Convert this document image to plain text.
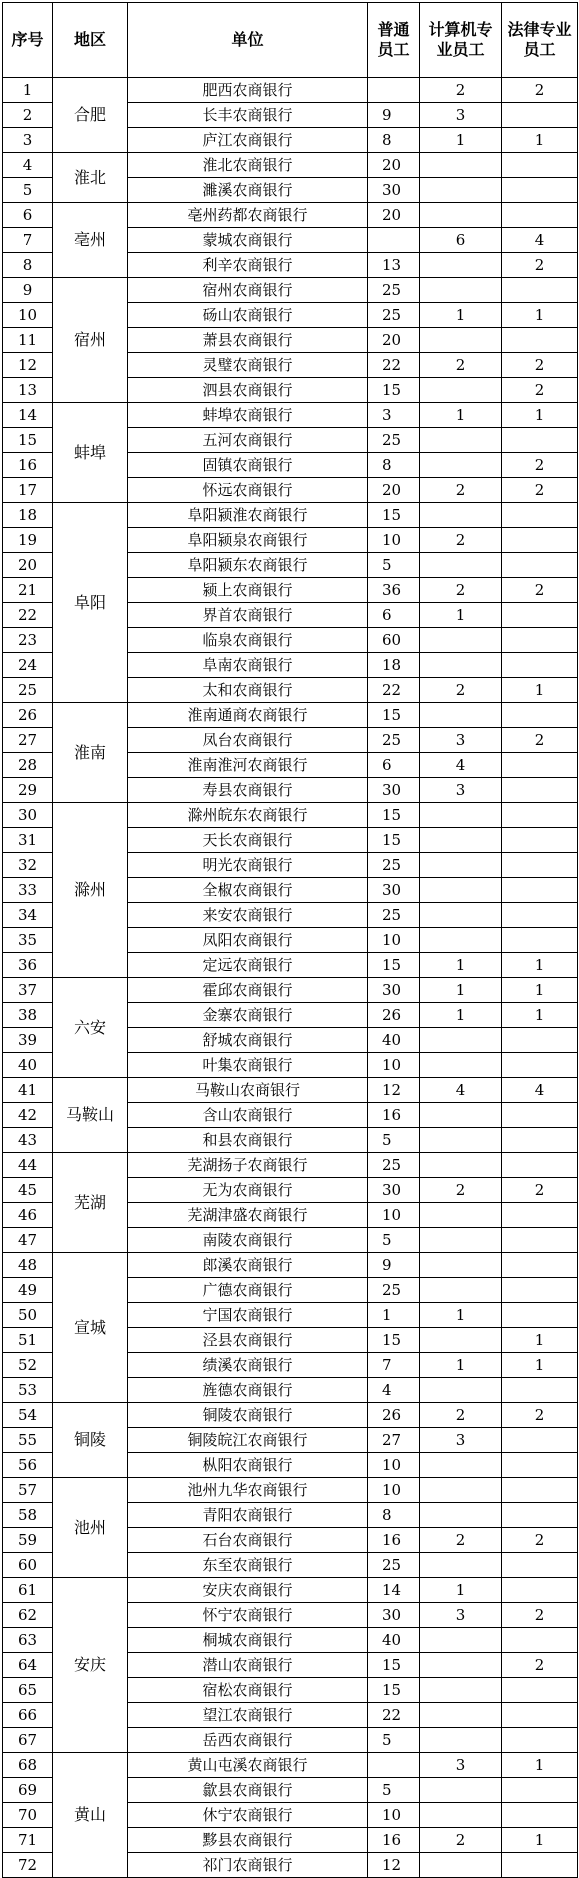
序号	地区	单位	普通员工	计算机专业员工	法律专业员工
1	合肥	肥西农商银行		2	2
2		长丰农商银行	9	3	
3		庐江农商银行	8	1	1
4	淮北	淮北农商银行	20		
5		濉溪农商银行	30		
6	亳州	亳州药都农商银行	20		
7		蒙城农商银行		6	4
8		利辛农商银行	13		2
9	宿州	宿州农商银行	25		
10		砀山农商银行	25	1	1
11		萧县农商银行	20		
12		灵璧农商银行	22	2	2
13		泗县农商银行	15		2
14	蚌埠	蚌埠农商银行	3	1	1
15		五河农商银行	25		
16		固镇农商银行	8		2
17		怀远农商银行	20	2	2
18	阜阳	阜阳颍淮农商银行	15		
19		阜阳颍泉农商银行	10	2	
20		阜阳颍东农商银行	5		
21		颍上农商银行	36	2	2
22		界首农商银行	6	1	
23		临泉农商银行	60		
24		阜南农商银行	18		
25		太和农商银行	22	2	1
26	淮南	淮南通商农商银行	15		
27		凤台农商银行	25	3	2
28		淮南淮河农商银行	6	4	
29		寿县农商银行	30	3	
30	滁州	滁州皖东农商银行	15		
31		天长农商银行	15		
32		明光农商银行	25		
33		全椒农商银行	30		
34		来安农商银行	25		
35		凤阳农商银行	10		
36		定远农商银行	15	1	1
37	六安	霍邱农商银行	30	1	1
38		金寨农商银行	26	1	1
39		舒城农商银行	40		
40		叶集农商银行	10		
41	马鞍山	马鞍山农商银行	12	4	4
42		含山农商银行	16		
43		和县农商银行	5		
44	芜湖	芜湖扬子农商银行	25		
45		无为农商银行	30	2	2
46		芜湖津盛农商银行	10		
47		南陵农商银行	5		
48	宣城	郎溪农商银行	9		
49		广德农商银行	25		
50		宁国农商银行	1	1	
51		泾县农商银行	15		1
52		绩溪农商银行	7	1	1
53		旌德农商银行	4		
54	铜陵	铜陵农商银行	26	2	2
55		铜陵皖江农商银行	27	3	
56		枞阳农商银行	10		
57	池州	池州九华农商银行	10		
58		青阳农商银行	8		
59		石台农商银行	16	2	2
60		东至农商银行	25		
61	安庆	安庆农商银行	14	1	
62		怀宁农商银行	30	3	2
63		桐城农商银行	40		
64		潜山农商银行	15		2
65		宿松农商银行	15		
66		望江农商银行	22		
67		岳西农商银行	5		
68	黄山	黄山屯溪农商银行		3	1
69		歙县农商银行	5		
70		休宁农商银行	10		
71		黟县农商银行	16	2	1
72		祁门农商银行	12		
